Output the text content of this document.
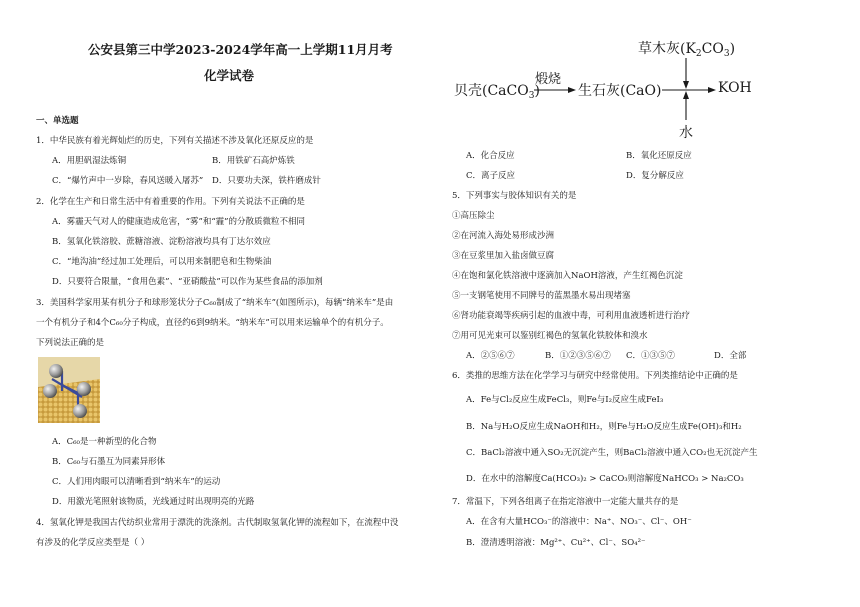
公安县第三中学2023-2024学年高一上学期11月月考
化学试卷
一、单选题
1．中华民族有着光辉灿烂的历史，下列有关描述不涉及氧化还原反应的是
A．用胆矾湿法炼铜	B．用铁矿石高炉炼铁
C．“爆竹声中一岁除，春风送暖入屠苏” D．只要功夫深，铁杵磨成针
2．化学在生产和日常生活中有着重要的作用。下列有关说法不正确的是
A．雾霾天气对人的健康造成危害，“雾”和“霾”的分散质微粒不相同
B．氢氧化铁溶胶、蔗糖溶液、淀粉溶液均具有丁达尔效应
C．“地沟油”经过加工处理后，可以用来制肥皂和生物柴油
D．只要符合限量，“食用色素”、“亚硝酸盐”可以作为某些食品的添加剂
3．美国科学家用某有机分子和球形笼状分子C₆₀制成了“纳米车”(如图所示)，每辆“纳米车”是由
一个有机分子和4个C₆₀分子构成，直径约6到9纳米。“纳米车”可以用来运输单个的有机分子。
下列说法正确的是
A．C₆₀是一种新型的化合物
B．C₆₀与石墨互为同素异形体
C．人们用肉眼可以清晰看到“纳米车”的运动
D．用激光笔照射该物质，光线通过时出现明亮的光路
4．氢氧化钾是我国古代纺织业常用于漂洗的洗涤剂。古代制取氢氧化钾的流程如下，在流程中没
有涉及的化学反应类型是（ ）
草木灰$(K_2CO_3)$
贝壳(CaCO$_3$)
煅烧
生石灰(CaO)	KOH
水
A．化合反应	B．氧化还原反应
C．离子反应	D．复分解反应
5．下列事实与胶体知识有关的是
①高压除尘
②在河流入海处易形成沙洲
③在豆浆里加入盐卤做豆腐
④在饱和氯化铁溶液中逐滴加入NaOH溶液，产生红褐色沉淀
⑤一支钢笔使用不同牌号的蓝黑墨水易出现堵塞
⑥肾功能衰竭等疾病引起的血液中毒，可利用血液透析进行治疗
⑦用可见光束可以鉴别红褐色的氢氧化铁胶体和溴水
A．②⑤⑥⑦	B．①②③⑤⑥⑦ C．①③⑤⑦	D．全部
6．类推的思维方法在化学学习与研究中经常使用。下列类推结论中正确的是
A．Fe与Cl₂反应生成FeCl₃，则Fe与I₂反应生成FeI₃
B．Na与H₂O反应生成NaOH和H₂，则Fe与H₂O反应生成Fe(OH)₃和H₂
C．BaCl₂溶液中通入SO₂无沉淀产生，则BaCl₂溶液中通入CO₂也无沉淀产生
D．在水中的溶解度Ca(HCO₃)₂ > CaCO₃则溶解度NaHCO₃ > Na₂CO₃
7．常温下，下列各组离子在指定溶液中一定能大量共存的是
A．在含有大量HCO₃⁻的溶液中：Na⁺、NO₃⁻、Cl⁻、OH⁻
B．澄清透明溶液：Mg²⁺、Cu²⁺、Cl⁻、SO₄²⁻
